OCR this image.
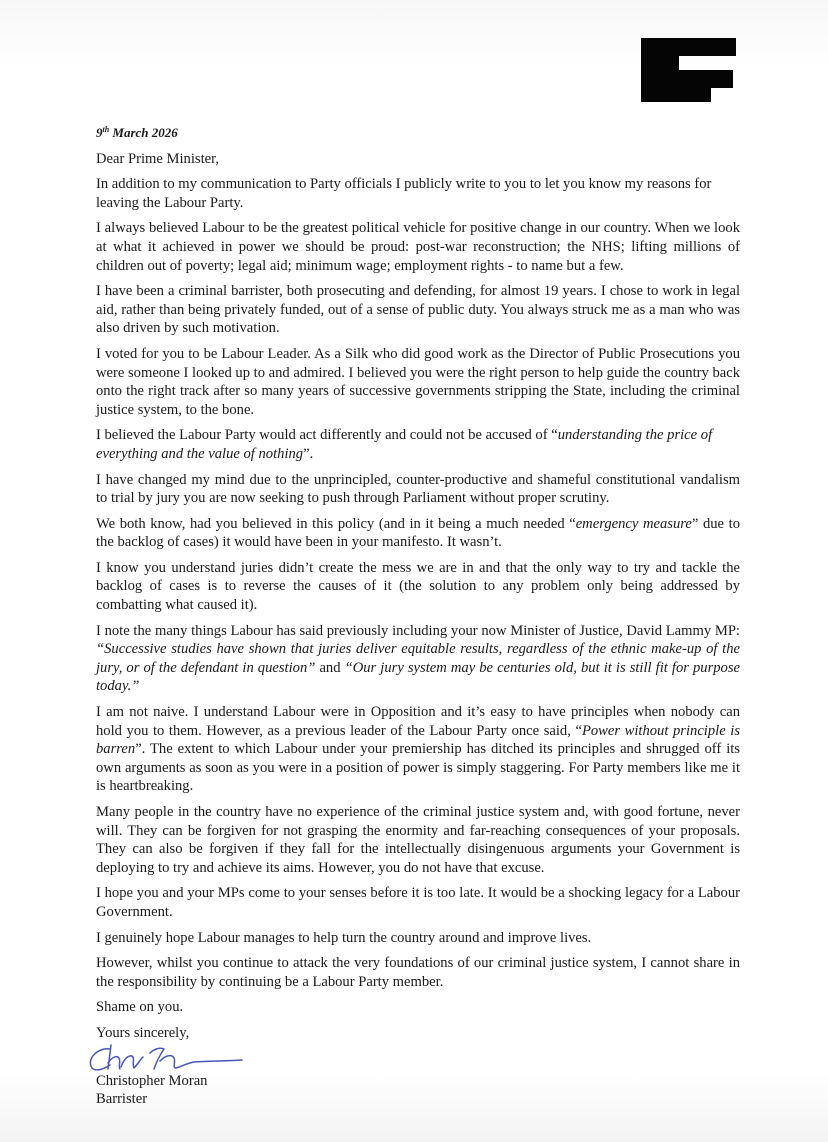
9th March 2026

Dear Prime Minister,

In addition to my communication to Party officials I publicly write to you to let you know my reasons for leaving the Labour Party.

I always believed Labour to be the greatest political vehicle for positive change in our country. When we look at what it achieved in power we should be proud: post-war reconstruction; the NHS; lifting millions of children out of poverty; legal aid; minimum wage; employment rights - to name but a few.

I have been a criminal barrister, both prosecuting and defending, for almost 19 years. I chose to work in legal aid, rather than being privately funded, out of a sense of public duty. You always struck me as a man who was also driven by such motivation.

I voted for you to be Labour Leader. As a Silk who did good work as the Director of Public Prosecutions you were someone I looked up to and admired. I believed you were the right person to help guide the country back onto the right track after so many years of successive governments stripping the State, including the criminal justice system, to the bone.

I believed the Labour Party would act differently and could not be accused of “understanding the price of everything and the value of nothing”.

I have changed my mind due to the unprincipled, counter-productive and shameful constitutional vandalism to trial by jury you are now seeking to push through Parliament without proper scrutiny.

We both know, had you believed in this policy (and in it being a much needed “emergency measure” due to the backlog of cases) it would have been in your manifesto. It wasn’t.

I know you understand juries didn’t create the mess we are in and that the only way to try and tackle the backlog of cases is to reverse the causes of it (the solution to any problem only being addressed by combatting what caused it).

I note the many things Labour has said previously including your now Minister of Justice, David Lammy MP: “Successive studies have shown that juries deliver equitable results, regardless of the ethnic make-up of the jury, or of the defendant in question” and “Our jury system may be centuries old, but it is still fit for purpose today.”

I am not naive. I understand Labour were in Opposition and it’s easy to have principles when nobody can hold you to them. However, as a previous leader of the Labour Party once said, “Power without principle is barren”. The extent to which Labour under your premiership has ditched its principles and shrugged off its own arguments as soon as you were in a position of power is simply staggering. For Party members like me it is heartbreaking.

Many people in the country have no experience of the criminal justice system and, with good fortune, never will. They can be forgiven for not grasping the enormity and far-reaching consequences of your proposals. They can also be forgiven if they fall for the intellectually disingenuous arguments your Government is deploying to try and achieve its aims. However, you do not have that excuse.

I hope you and your MPs come to your senses before it is too late. It would be a shocking legacy for a Labour Government.

I genuinely hope Labour manages to help turn the country around and improve lives.

However, whilst you continue to attack the very foundations of our criminal justice system, I cannot share in the responsibility by continuing be a Labour Party member.

Shame on you.

Yours sincerely,

Christopher Moran

Barrister
